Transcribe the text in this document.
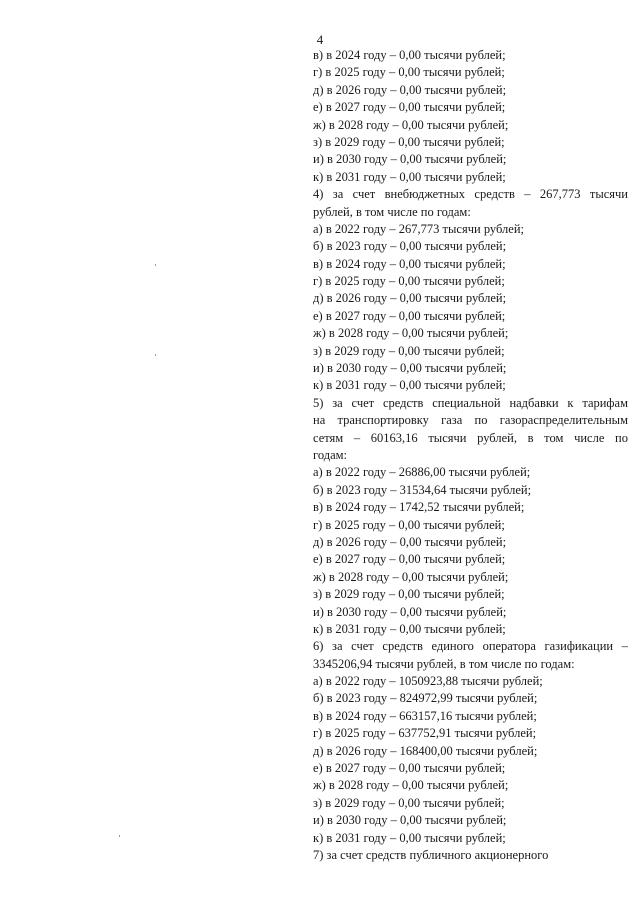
4
в) в 2024 году – 0,00 тысячи рублей;
г) в 2025 году – 0,00 тысячи рублей;
д) в 2026 году – 0,00 тысячи рублей;
е) в 2027 году – 0,00 тысячи рублей;
ж) в 2028 году – 0,00 тысячи рублей;
з) в 2029 году – 0,00 тысячи рублей;
и) в 2030 году – 0,00 тысячи рублей;
к) в 2031 году – 0,00 тысячи рублей;
4) за счет внебюджетных средств – 267,773 тысячи
рублей, в том числе по годам:
а) в 2022 году – 267,773 тысячи рублей;
б) в 2023 году – 0,00 тысячи рублей;
в) в 2024 году – 0,00 тысячи рублей;
г) в 2025 году – 0,00 тысячи рублей;
д) в 2026 году – 0,00 тысячи рублей;
е) в 2027 году – 0,00 тысячи рублей;
ж) в 2028 году – 0,00 тысячи рублей;
з) в 2029 году – 0,00 тысячи рублей;
и) в 2030 году – 0,00 тысячи рублей;
к) в 2031 году – 0,00 тысячи рублей;
5) за счет средств специальной надбавки к тарифам
на транспортировку газа по газораспределительным
сетям – 60163,16 тысячи рублей, в том числе по
годам:
а) в 2022 году – 26886,00 тысячи рублей;
б) в 2023 году – 31534,64 тысячи рублей;
в) в 2024 году – 1742,52 тысячи рублей;
г) в 2025 году – 0,00 тысячи рублей;
д) в 2026 году – 0,00 тысячи рублей;
е) в 2027 году – 0,00 тысячи рублей;
ж) в 2028 году – 0,00 тысячи рублей;
з) в 2029 году – 0,00 тысячи рублей;
и) в 2030 году – 0,00 тысячи рублей;
к) в 2031 году – 0,00 тысячи рублей;
6) за счет средств единого оператора газификации –
3345206,94 тысячи рублей, в том числе по годам:
а) в 2022 году – 1050923,88 тысячи рублей;
б) в 2023 году – 824972,99 тысячи рублей;
в) в 2024 году – 663157,16 тысячи рублей;
г) в 2025 году – 637752,91 тысячи рублей;
д) в 2026 году – 168400,00 тысячи рублей;
е) в 2027 году – 0,00 тысячи рублей;
ж) в 2028 году – 0,00 тысячи рублей;
з) в 2029 году – 0,00 тысячи рублей;
и) в 2030 году – 0,00 тысячи рублей;
к) в 2031 году – 0,00 тысячи рублей;
7) за счет средств публичного акционерного
